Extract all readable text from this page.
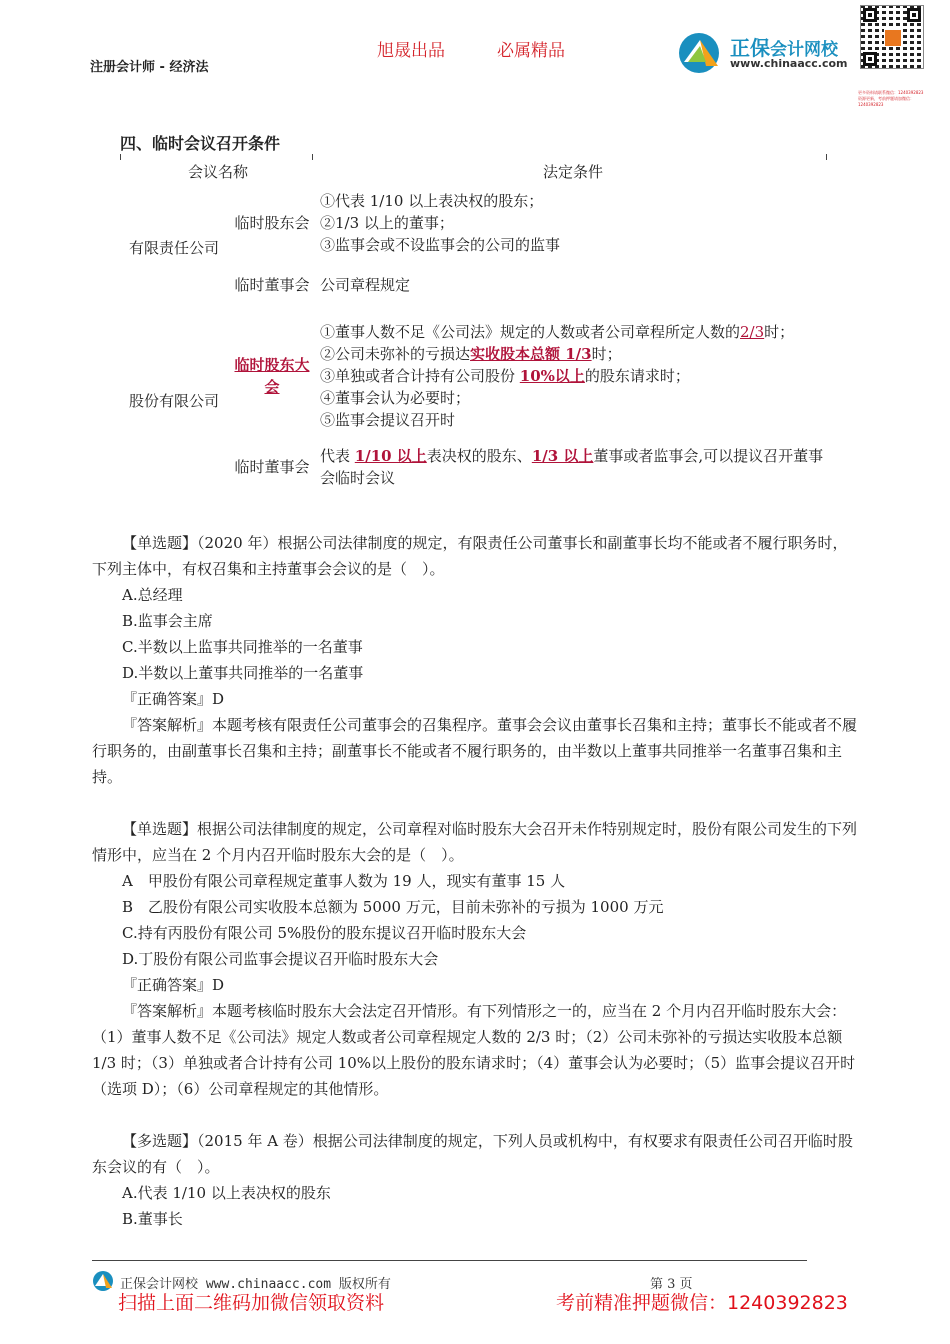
注册会计师 - 经济法
旭晟出品	必属精品	正保会计网校
www.chinaacc.com
更多资料请联系微信：1240392823
资源更新，考前押题请加微信：1240392823
四、临时会议召开条件
会议名称		法定条件
有限责任公司	临时股东会	①代表 1/10 以上表决权的股东；
②1/3 以上的董事；
③监事会或不设监事会的公司的监事

	临时董事会	公司章程规定
股份有限公司	临时股东大会	①董事人数不足《公司法》规定的人数或者公司章程所定人数的2/3时；
②公司未弥补的亏损达实收股本总额 1/3时；
③单独或者合计持有公司股份 10%以上的股东请求时；
④董事会认为必要时；
⑤监事会提议召开时

	临时董事会	代表 1/10 以上表决权的股东、1/3 以上董事或者监事会,可以提议召开董事会临时会议

【单选题】（2020 年）根据公司法律制度的规定，有限责任公司董事长和副董事长均不能或者不履行职务时，下列主体中，有权召集和主持董事会会议的是（　）。

A.总经理

B.监事会主席

C.半数以上监事共同推举的一名董事

D.半数以上董事共同推举的一名董事

『正确答案』D

『答案解析』本题考核有限责任公司董事会的召集程序。董事会会议由董事长召集和主持；董事长不能或者不履行职务的，由副董事长召集和主持；副董事长不能或者不履行职务的，由半数以上董事共同推举一名董事召集和主持。

【单选题】根据公司法律制度的规定，公司章程对临时股东大会召开未作特别规定时，股份有限公司发生的下列情形中，应当在 2 个月内召开临时股东大会的是（　）。

A　甲股份有限公司章程规定董事人数为 19 人，现实有董事 15 人

B　乙股份有限公司实收股本总额为 5000 万元，目前未弥补的亏损为 1000 万元

C.持有丙股份有限公司 5%股份的股东提议召开临时股东大会

D.丁股份有限公司监事会提议召开临时股东大会

『正确答案』D

『答案解析』本题考核临时股东大会法定召开情形。有下列情形之一的，应当在 2 个月内召开临时股东大会：（1）董事人数不足《公司法》规定人数或者公司章程规定人数的 2/3 时；（2）公司未弥补的亏损达实收股本总额 1/3 时；（3）单独或者合计持有公司 10%以上股份的股东请求时；（4）董事会认为必要时；（5）监事会提议召开时（选项 D）；（6）公司章程规定的其他情形。

【多选题】（2015 年 A 卷）根据公司法律制度的规定，下列人员或机构中，有权要求有限责任公司召开临时股东会议的有（　）。

A.代表 1/10 以上表决权的股东

B.董事长

正保会计网校 www.chinaacc.com 版权所有	第 3 页
扫描上面二维码加微信领取资料	考前精准押题微信：1240392823
